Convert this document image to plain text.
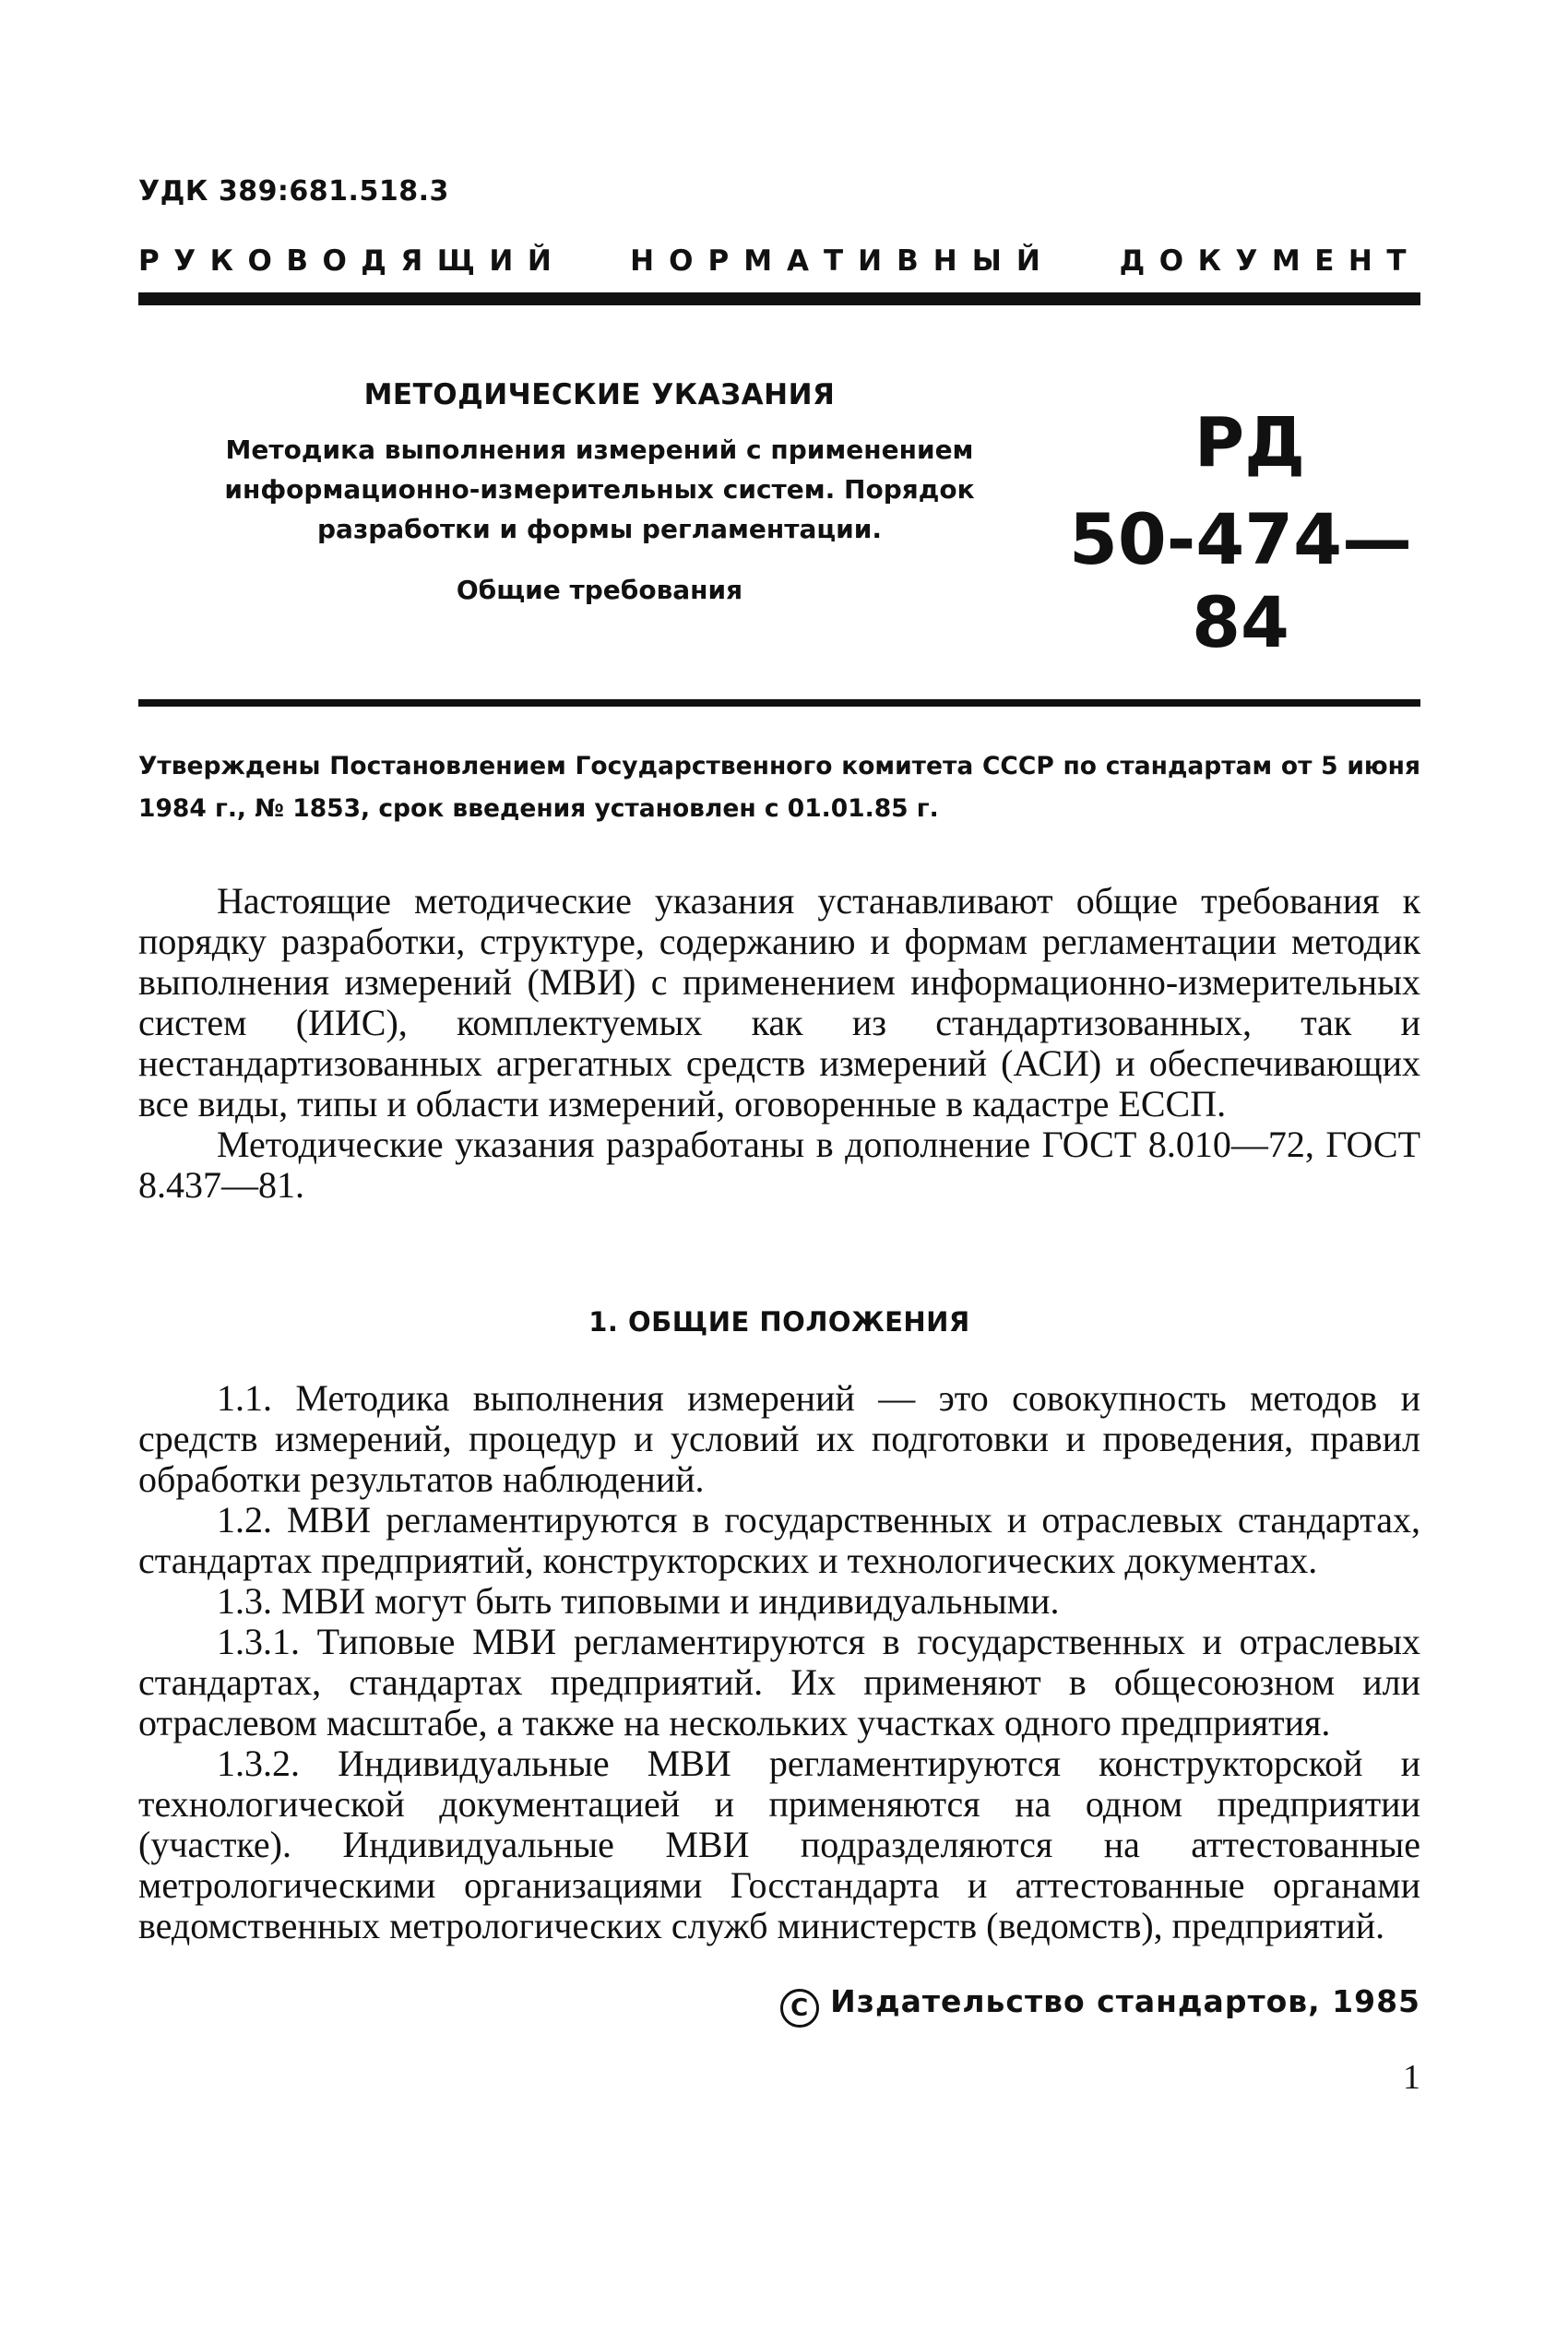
УДК 389:681.518.3
РУКОВОДЯЩИЙ НОРМАТИВНЫЙ ДОКУМЕНТ
МЕТОДИЧЕСКИЕ УКАЗАНИЯ

Методика выполнения измерений с применением
информационно-измерительных систем. Порядок
разработки и формы регламентации.

Общие требования
РД
50-474—84
Утверждены Постановлением Государственного комитета СССР по стандартам от 5 июня 1984 г., № 1853, срок введения установлен с 01.01.85 г.

Настоящие методические указания устанавливают общие требования к порядку разработки, структуре, содержанию и формам регламентации методик выполнения измерений (МВИ) с применением информационно-измерительных систем (ИИС), комплектуемых как из стандартизованных, так и нестандартизованных агрегатных средств измерений (АСИ) и обеспечивающих все виды, типы и области измерений, оговоренные в кадастре ЕССП.

Методические указания разработаны в дополнение ГОСТ 8.010—72, ГОСТ 8.437—81.

1. ОБЩИЕ ПОЛОЖЕНИЯ

1.1. Методика выполнения измерений — это совокупность методов и средств измерений, процедур и условий их подготовки и проведения, правил обработки результатов наблюдений.

1.2. МВИ регламентируются в государственных и отраслевых стандартах, стандартах предприятий, конструкторских и технологических документах.

1.3. МВИ могут быть типовыми и индивидуальными.

1.3.1. Типовые МВИ регламентируются в государственных и отраслевых стандартах, стандартах предприятий. Их применяют в общесоюзном или отраслевом масштабе, а также на нескольких участках одного предприятия.

1.3.2. Индивидуальные МВИ регламентируются конструкторской и технологической документацией и применяются на одном предприятии (участке). Индивидуальные МВИ подразделяются на аттестованные метрологическими организациями Госстандарта и аттестованные органами ведомственных метрологических служб министерств (ведомств), предприятий.

C Издательство стандартов, 1985
1
